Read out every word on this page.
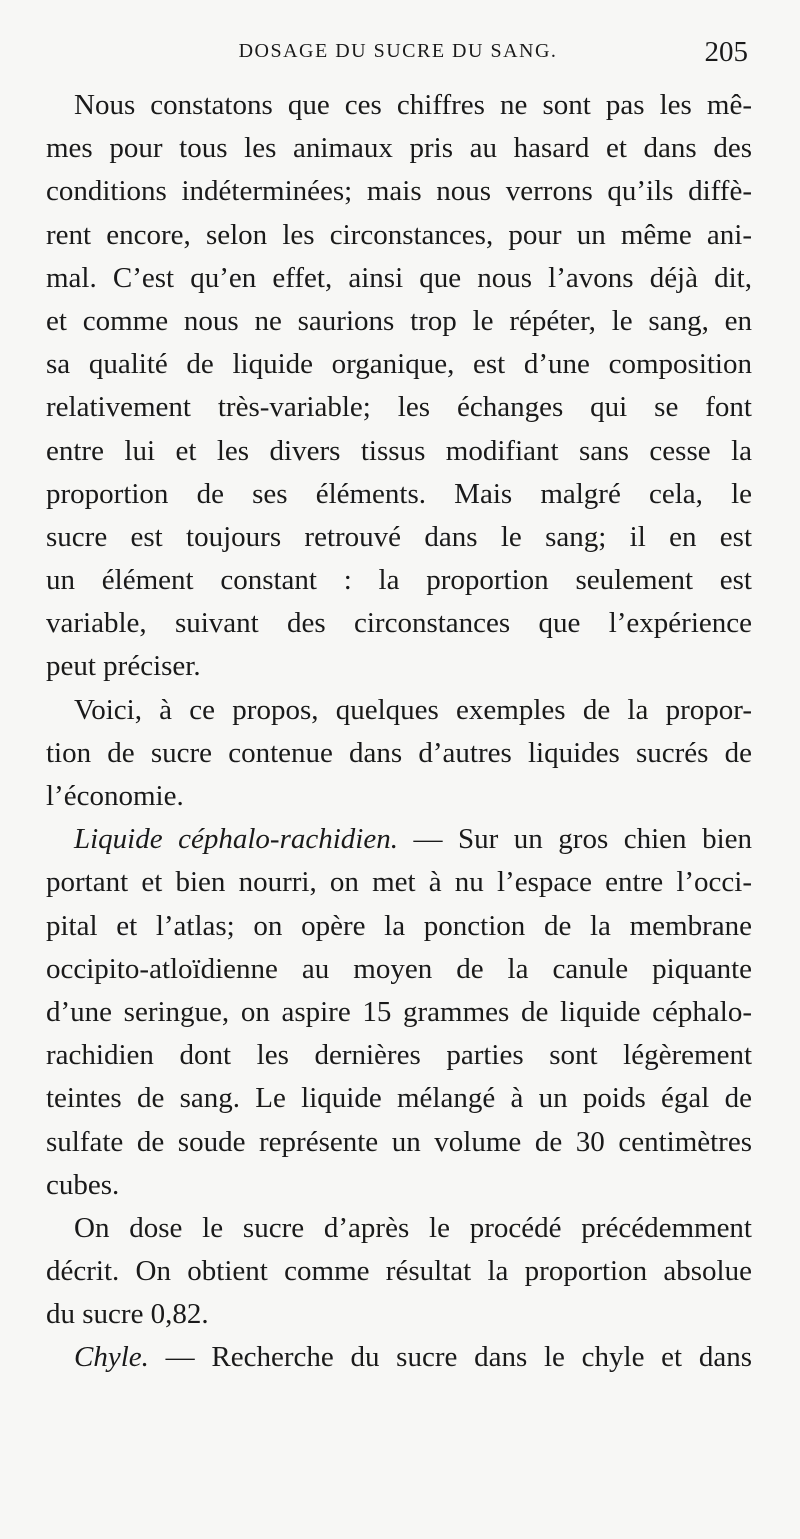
DOSAGE DU SUCRE DU SANG.	205
Nous constatons que ces chiffres ne sont pas les mê-
mes pour tous les animaux pris au hasard et dans des
conditions indéterminées; mais nous verrons qu’ils diffè-
rent encore, selon les circonstances, pour un même ani-
mal. C’est qu’en effet, ainsi que nous l’avons déjà dit,
et comme nous ne saurions trop le répéter, le sang, en
sa qualité de liquide organique, est d’une composition
relativement très-variable; les échanges qui se font
entre lui et les divers tissus modifiant sans cesse la
proportion de ses éléments. Mais malgré cela, le
sucre est toujours retrouvé dans le sang; il en est
un élément constant : la proportion seulement est
variable, suivant des circonstances que l’expérience
peut préciser.
Voici, à ce propos, quelques exemples de la propor-
tion de sucre contenue dans d’autres liquides sucrés de
l’économie.
Liquide céphalo-rachidien. — Sur un gros chien bien
portant et bien nourri, on met à nu l’espace entre l’occi-
pital et l’atlas; on opère la ponction de la membrane
occipito-atloïdienne au moyen de la canule piquante
d’une seringue, on aspire 15 grammes de liquide céphalo-
rachidien dont les dernières parties sont légèrement
teintes de sang. Le liquide mélangé à un poids égal de
sulfate de soude représente un volume de 30 centimètres
cubes.
On dose le sucre d’après le procédé précédemment
décrit. On obtient comme résultat la proportion absolue
du sucre 0,82.
Chyle. — Recherche du sucre dans le chyle et dans
